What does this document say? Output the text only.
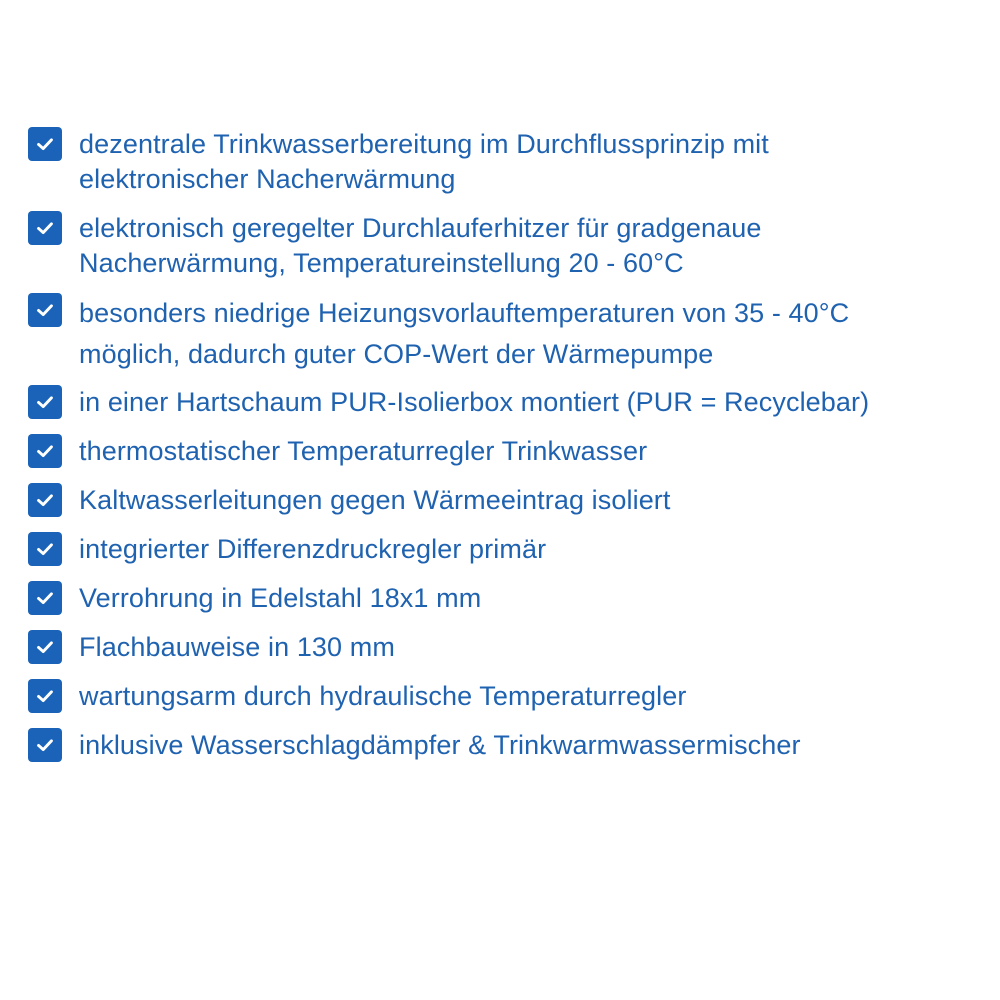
dezentrale Trinkwasserbereitung im Durchflussprinzip mit
elektronischer Nacherwärmung
elektronisch geregelter Durchlauferhitzer für gradgenaue
Nacherwärmung, Temperatureinstellung 20 - 60°C
besonders niedrige Heizungsvorlauftemperaturen von 35 - 40°C
möglich, dadurch guter COP-Wert der Wärmepumpe
in einer Hartschaum PUR-Isolierbox montiert (PUR = Recyclebar)
thermostatischer Temperaturregler Trinkwasser
Kaltwasserleitungen gegen Wärmeeintrag isoliert
integrierter Differenzdruckregler primär
Verrohrung in Edelstahl 18x1 mm
Flachbauweise in 130 mm
wartungsarm durch hydraulische Temperaturregler
inklusive Wasserschlagdämpfer & Trinkwarmwassermischer
